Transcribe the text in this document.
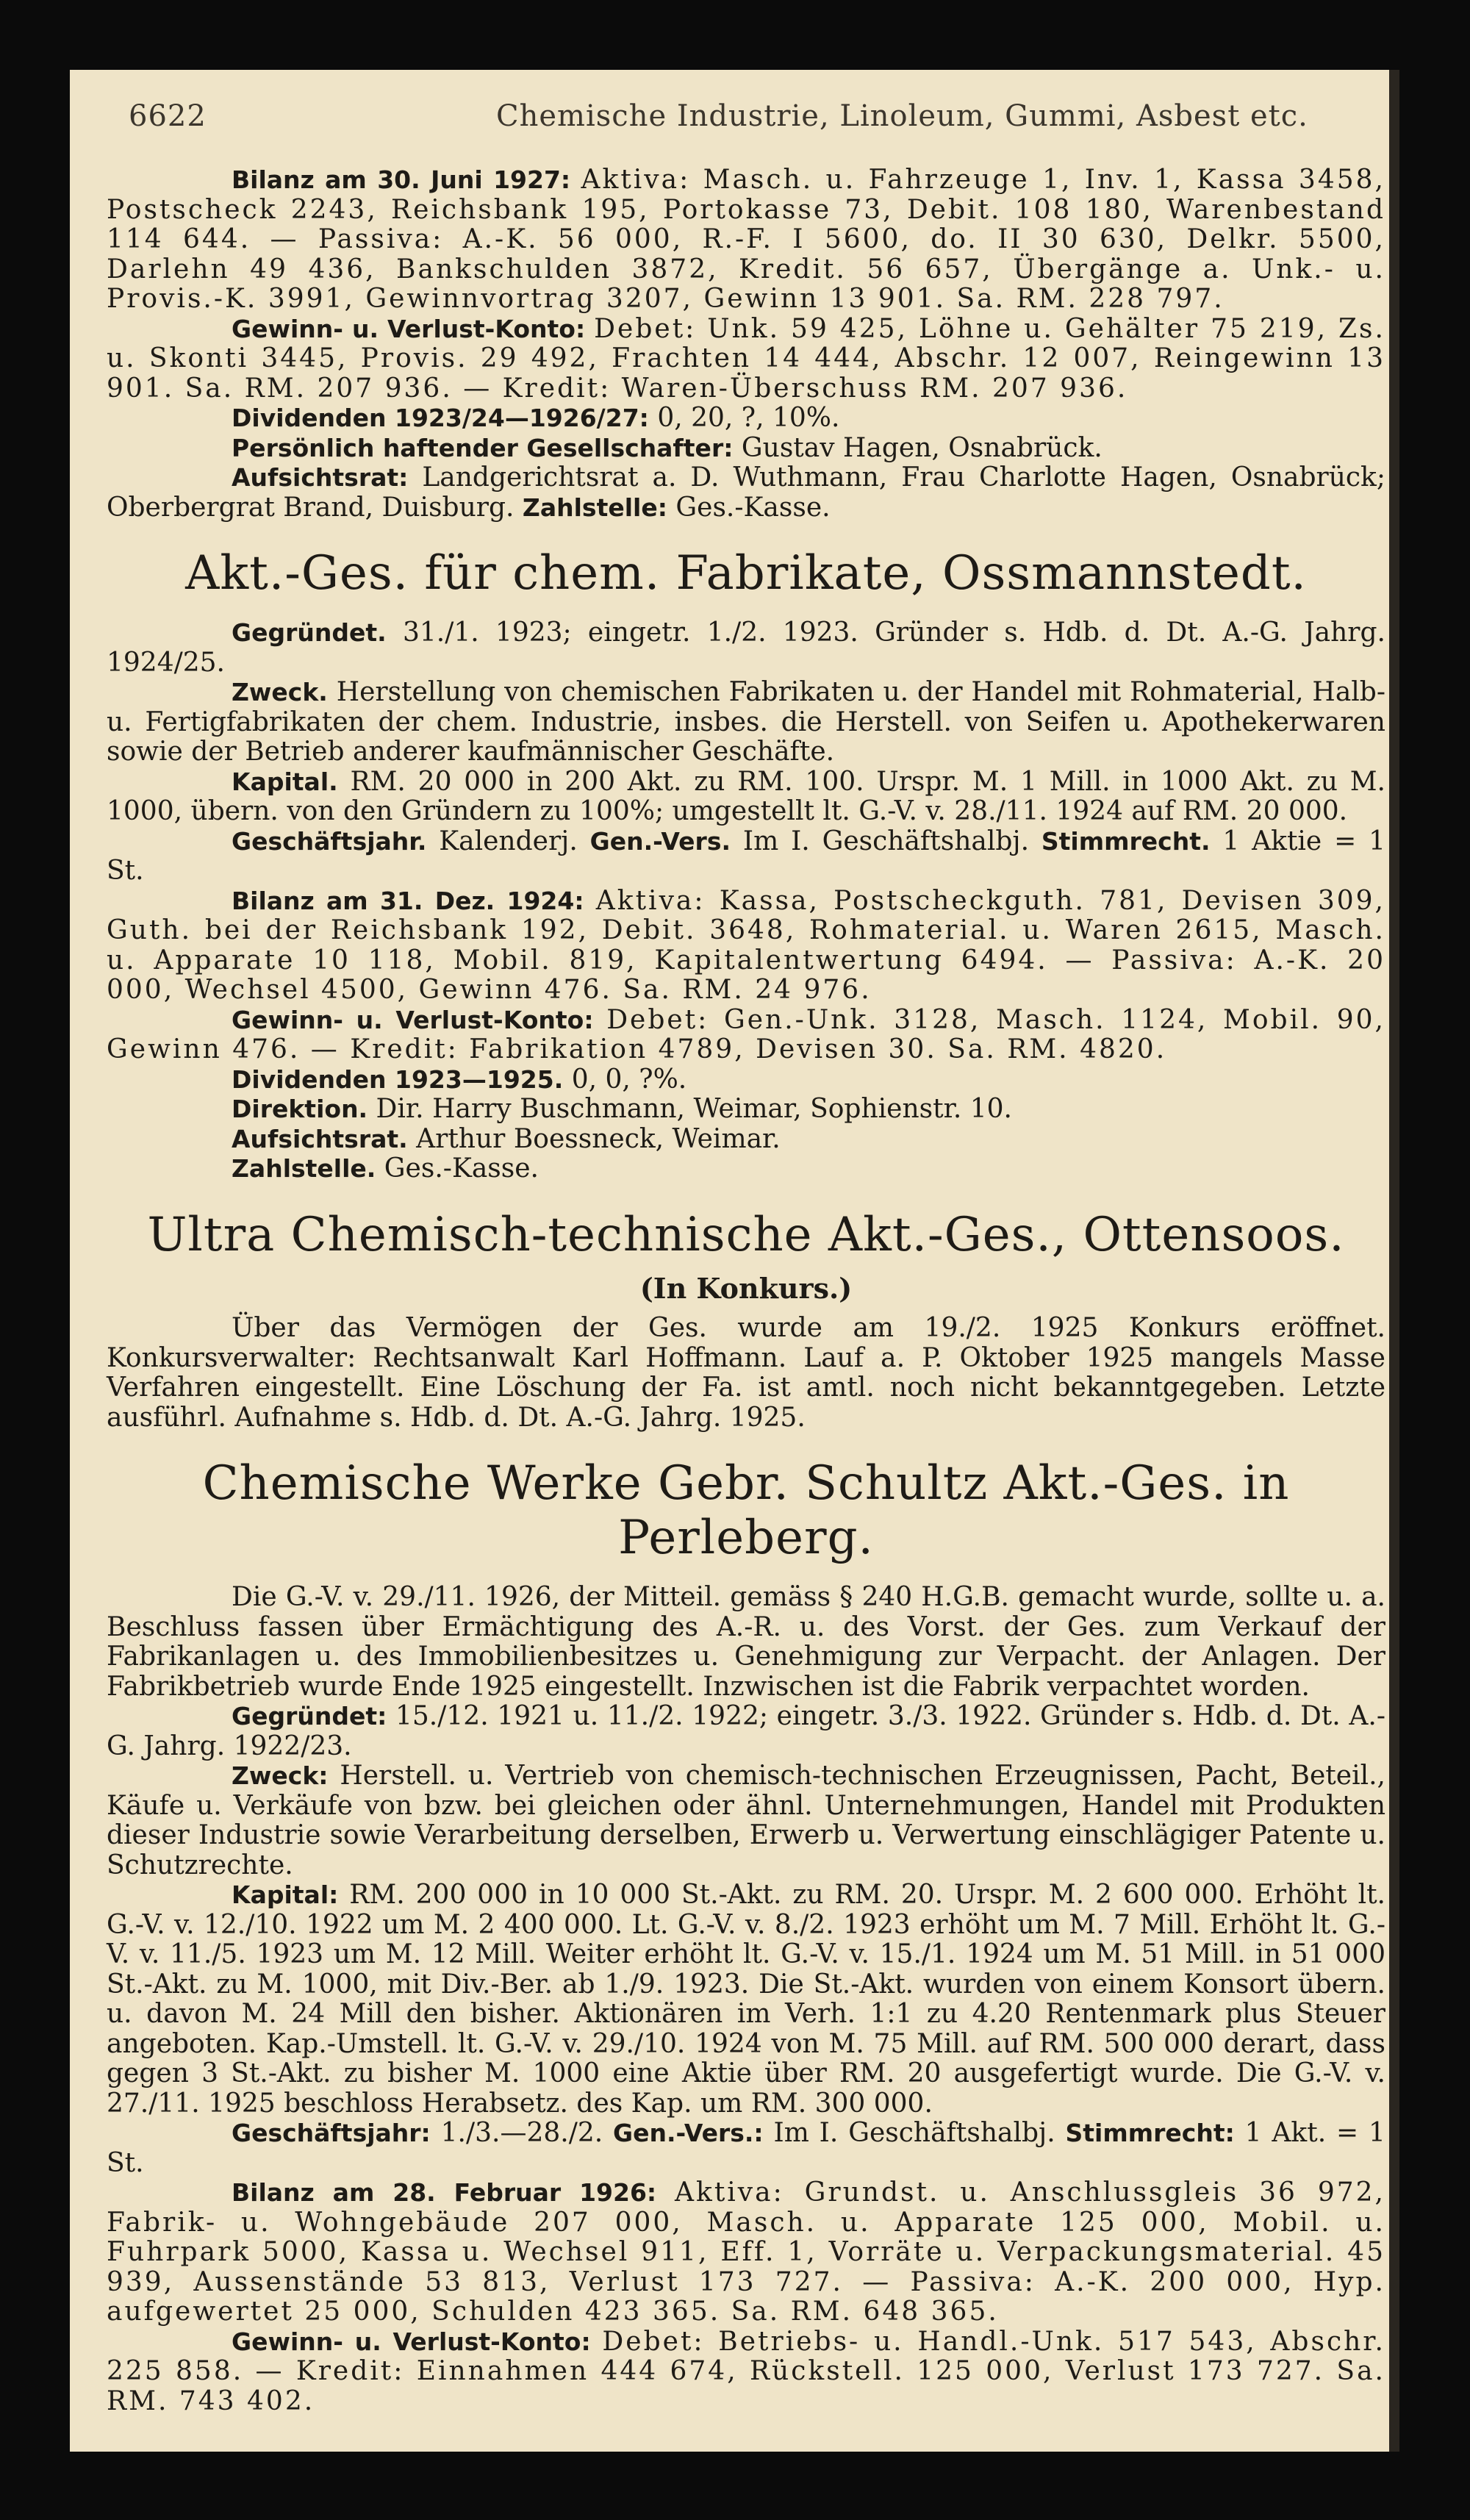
6622	Chemische Industrie, Linoleum, Gummi, Asbest etc.

Bilanz am 30. Juni 1927: Aktiva: Masch. u. Fahrzeuge 1, Inv. 1, Kassa 3458, Postscheck 2243, Reichsbank 195, Portokasse 73, Debit. 108 180, Warenbestand 114 644. — Passiva: A.-K. 56 000, R.-F. I 5600, do. II 30 630, Delkr. 5500, Darlehn 49 436, Bankschulden 3872, Kredit. 56 657, Übergänge a. Unk.- u. Provis.-K. 3991, Gewinnvortrag 3207, Gewinn 13 901. Sa. RM. 228 797.

Gewinn- u. Verlust-Konto: Debet: Unk. 59 425, Löhne u. Gehälter 75 219, Zs. u. Skonti 3445, Provis. 29 492, Frachten 14 444, Abschr. 12 007, Reingewinn 13 901. Sa. RM. 207 936. — Kredit: Waren-Überschuss RM. 207 936.

Dividenden 1923/24—1926/27: 0, 20, ?, 10%.

Persönlich haftender Gesellschafter: Gustav Hagen, Osnabrück.

Aufsichtsrat: Landgerichtsrat a. D. Wuthmann, Frau Charlotte Hagen, Osnabrück; Oberbergrat Brand, Duisburg. Zahlstelle: Ges.-Kasse.

Akt.-Ges. für chem. Fabrikate, Ossmannstedt.

Gegründet. 31./1. 1923; eingetr. 1./2. 1923. Gründer s. Hdb. d. Dt. A.-G. Jahrg. 1924/25.

Zweck. Herstellung von chemischen Fabrikaten u. der Handel mit Rohmaterial, Halb- u. Fertigfabrikaten der chem. Industrie, insbes. die Herstell. von Seifen u. Apothekerwaren sowie der Betrieb anderer kaufmännischer Geschäfte.

Kapital. RM. 20 000 in 200 Akt. zu RM. 100. Urspr. M. 1 Mill. in 1000 Akt. zu M. 1000, übern. von den Gründern zu 100%; umgestellt lt. G.-V. v. 28./11. 1924 auf RM. 20 000.

Geschäftsjahr. Kalenderj. Gen.-Vers. Im I. Geschäftshalbj. Stimmrecht. 1 Aktie = 1 St.

Bilanz am 31. Dez. 1924: Aktiva: Kassa, Postscheckguth. 781, Devisen 309, Guth. bei der Reichsbank 192, Debit. 3648, Rohmaterial. u. Waren 2615, Masch. u. Apparate 10 118, Mobil. 819, Kapitalentwertung 6494. — Passiva: A.-K. 20 000, Wechsel 4500, Gewinn 476. Sa. RM. 24 976.

Gewinn- u. Verlust-Konto: Debet: Gen.-Unk. 3128, Masch. 1124, Mobil. 90, Gewinn 476. — Kredit: Fabrikation 4789, Devisen 30. Sa. RM. 4820.

Dividenden 1923—1925. 0, 0, ?%.

Direktion. Dir. Harry Buschmann, Weimar, Sophienstr. 10.

Aufsichtsrat. Arthur Boessneck, Weimar.

Zahlstelle. Ges.-Kasse.

Ultra Chemisch-technische Akt.-Ges., Ottensoos.
(In Konkurs.)

Über das Vermögen der Ges. wurde am 19./2. 1925 Konkurs eröffnet. Konkursverwalter: Rechtsanwalt Karl Hoffmann. Lauf a. P. Oktober 1925 mangels Masse Verfahren eingestellt. Eine Löschung der Fa. ist amtl. noch nicht bekanntgegeben. Letzte ausführl. Aufnahme s. Hdb. d. Dt. A.-G. Jahrg. 1925.

Chemische Werke Gebr. Schultz Akt.-Ges. in Perleberg.

Die G.-V. v. 29./11. 1926, der Mitteil. gemäss § 240 H.G.B. gemacht wurde, sollte u. a. Beschluss fassen über Ermächtigung des A.-R. u. des Vorst. der Ges. zum Verkauf der Fabrikanlagen u. des Immobilienbesitzes u. Genehmigung zur Verpacht. der Anlagen. Der Fabrikbetrieb wurde Ende 1925 eingestellt. Inzwischen ist die Fabrik verpachtet worden.

Gegründet: 15./12. 1921 u. 11./2. 1922; eingetr. 3./3. 1922. Gründer s. Hdb. d. Dt. A.-G. Jahrg. 1922/23.

Zweck: Herstell. u. Vertrieb von chemisch-technischen Erzeugnissen, Pacht, Beteil., Käufe u. Verkäufe von bzw. bei gleichen oder ähnl. Unternehmungen, Handel mit Produkten dieser Industrie sowie Verarbeitung derselben, Erwerb u. Verwertung einschlägiger Patente u. Schutzrechte.

Kapital: RM. 200 000 in 10 000 St.-Akt. zu RM. 20. Urspr. M. 2 600 000. Erhöht lt. G.-V. v. 12./10. 1922 um M. 2 400 000. Lt. G.-V. v. 8./2. 1923 erhöht um M. 7 Mill. Erhöht lt. G.-V. v. 11./5. 1923 um M. 12 Mill. Weiter erhöht lt. G.-V. v. 15./1. 1924 um M. 51 Mill. in 51 000 St.-Akt. zu M. 1000, mit Div.-Ber. ab 1./9. 1923. Die St.-Akt. wurden von einem Konsort übern. u. davon M. 24 Mill den bisher. Aktionären im Verh. 1:1 zu 4.20 Rentenmark plus Steuer angeboten. Kap.-Umstell. lt. G.-V. v. 29./10. 1924 von M. 75 Mill. auf RM. 500 000 derart, dass gegen 3 St.-Akt. zu bisher M. 1000 eine Aktie über RM. 20 ausgefertigt wurde. Die G.-V. v. 27./11. 1925 beschloss Herabsetz. des Kap. um RM. 300 000.

Geschäftsjahr: 1./3.—28./2. Gen.-Vers.: Im I. Geschäftshalbj. Stimmrecht: 1 Akt. = 1 St.

Bilanz am 28. Februar 1926: Aktiva: Grundst. u. Anschlussgleis 36 972, Fabrik- u. Wohngebäude 207 000, Masch. u. Apparate 125 000, Mobil. u. Fuhrpark 5000, Kassa u. Wechsel 911, Eff. 1, Vorräte u. Verpackungsmaterial. 45 939, Aussenstände 53 813, Verlust 173 727. — Passiva: A.-K. 200 000, Hyp. aufgewertet 25 000, Schulden 423 365. Sa. RM. 648 365.

Gewinn- u. Verlust-Konto: Debet: Betriebs- u. Handl.-Unk. 517 543, Abschr. 225 858. — Kredit: Einnahmen 444 674, Rückstell. 125 000, Verlust 173 727. Sa. RM. 743 402.
